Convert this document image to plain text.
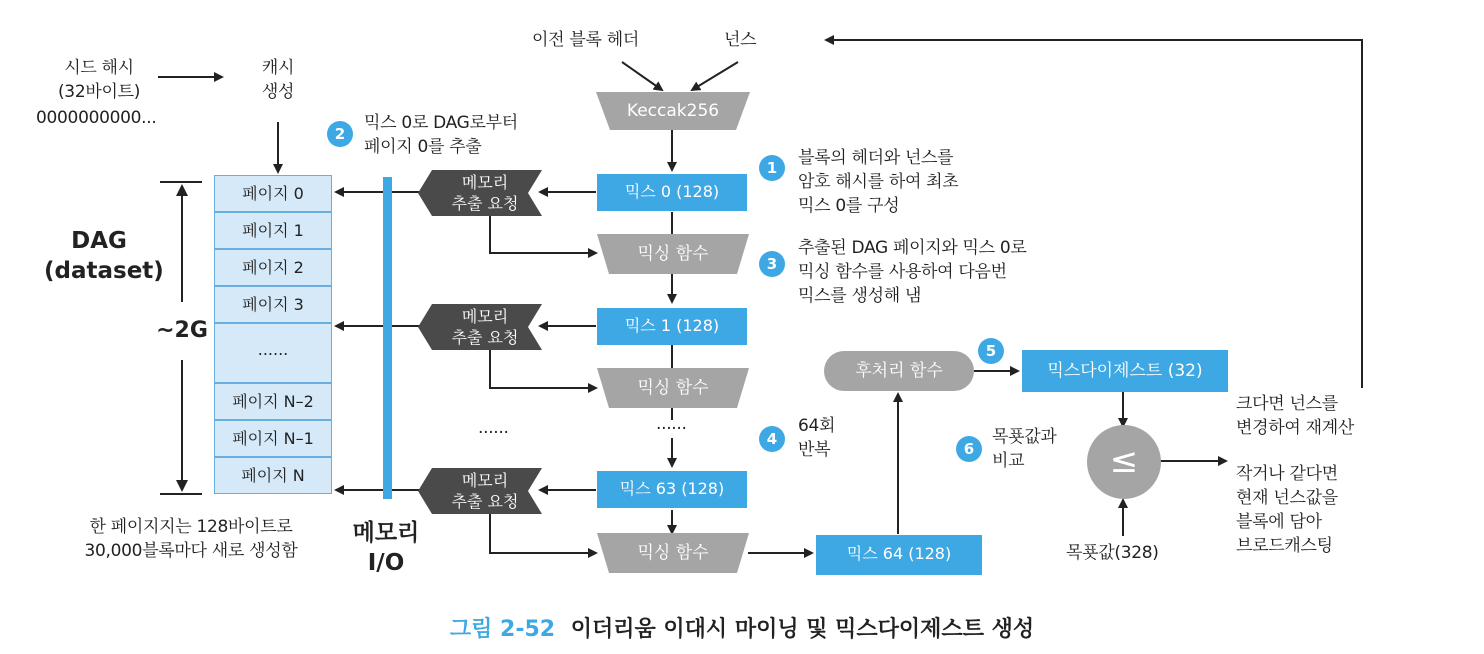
시드 해시
(32바이트)
0000000000...
캐시
생성
DAG
(dataset)
~2G
페이지 0
페이지 1
페이지 2
페이지 3
......
페이지 N–2
페이지 N–1
페이지 N
한 페이지지는 128바이트로
30,000블록마다 새로 생성함
메모리
I/O
메모리
추출 요청
메모리
추출 요청
메모리
추출 요청
이전 블록 헤더	넌스
Keccak256
믹스 0 (128)
믹스 1 (128)
믹스 63 (128)
믹스 64 (128)
믹싱 함수
믹싱 함수
믹싱 함수
......	......
후처리 함수	믹스다이제스트 (32)
≤
목푯값(328)
1	블록의 헤더와 넌스를
암호 해시를 하여 최초
믹스 0를 구성
2
믹스 0로 DAG로부터
페이지 0를 추출
3
추출된 DAG 페이지와 믹스 0로
믹싱 함수를 사용하여 다음번
믹스를 생성해 냄
4
64회
반복
5
6
목푯값과
비교
크다면 넌스를
변경하여 재계산
작거나 같다면
현재 넌스값을
블록에 담아
브로드캐스팅
그림 2-52 이더리움 이대시 마이닝 및 믹스다이제스트 생성
